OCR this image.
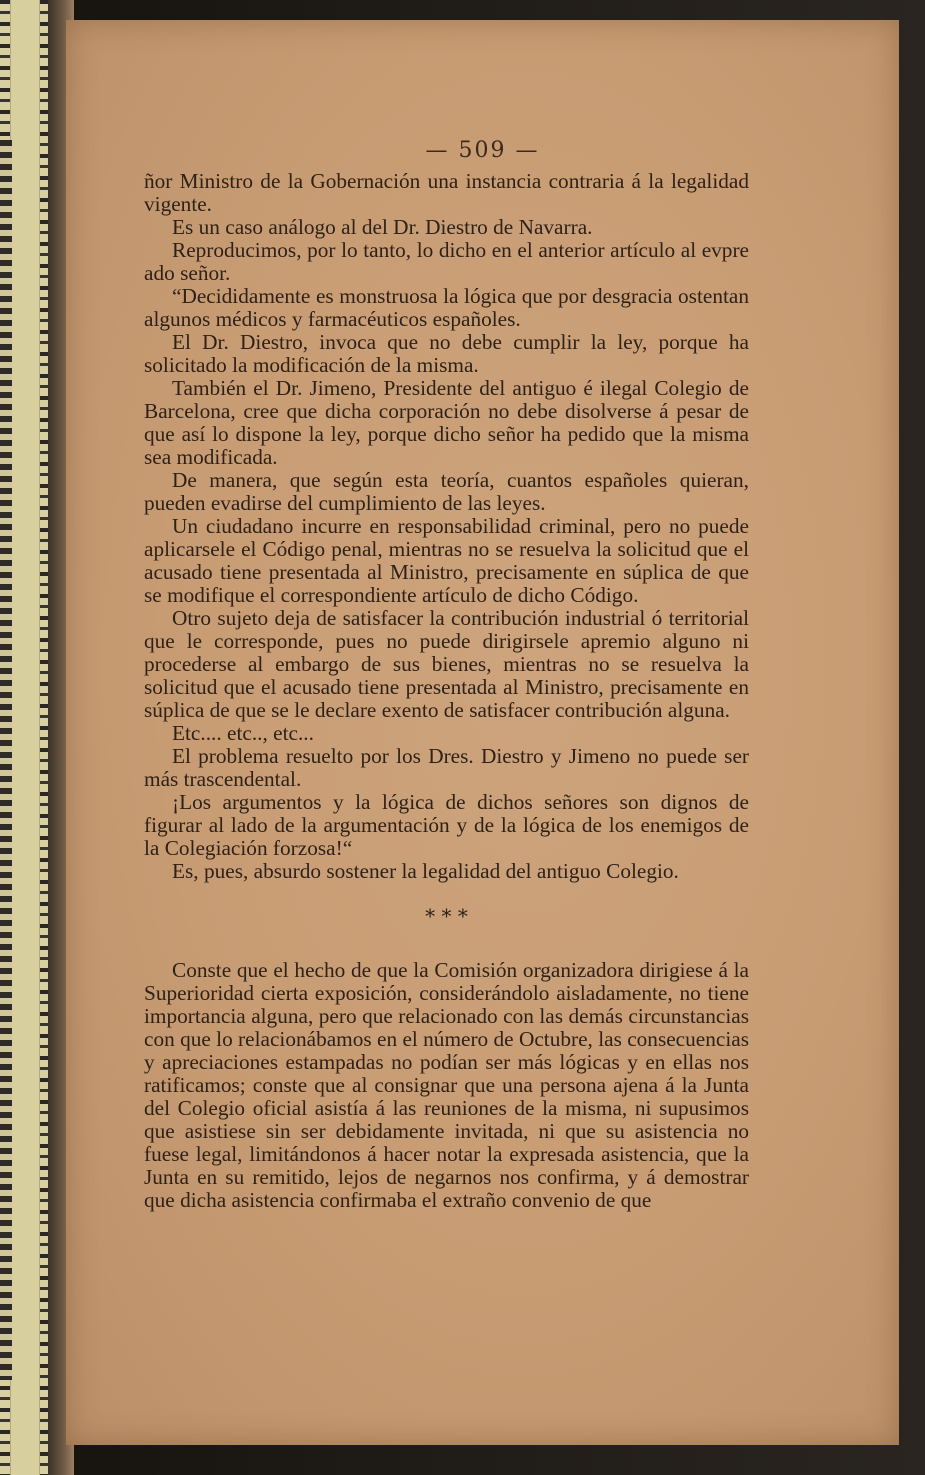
— 509 —

ñor Ministro de la Gobernación una instancia contraria á la legalidad vigente.

Es un caso análogo al del Dr. Diestro de Navarra.

Reproducimos, por lo tanto, lo dicho en el anterior artículo al evpre ado señor.

“Decididamente es monstruosa la lógica que por desgracia ostentan algunos médicos y farmacéuticos españoles.

El Dr. Diestro, invoca que no debe cumplir la ley, porque ha solicitado la modificación de la misma.

También el Dr. Jimeno, Presidente del antiguo é ilegal Colegio de Barcelona, cree que dicha corporación no debe disolverse á pesar de que así lo dispone la ley, porque dicho señor ha pedido que la misma sea modificada.

De manera, que según esta teoría, cuantos españoles quieran, pueden evadirse del cumplimiento de las leyes.

Un ciudadano incurre en responsabilidad criminal, pero no puede aplicarsele el Código penal, mientras no se resuelva la solicitud que el acusado tiene presentada al Ministro, precisamente en súplica de que se modifique el correspondiente artículo de dicho Código.

Otro sujeto deja de satisfacer la contribución industrial ó territorial que le corresponde, pues no puede dirigirsele apremio alguno ni procederse al embargo de sus bienes, mientras no se resuelva la solicitud que el acusado tiene presentada al Ministro, precisamente en súplica de que se le declare exento de satisfacer contribución alguna.

Etc.... etc.., etc...

El problema resuelto por los Dres. Diestro y Jimeno no puede ser más trascendental.

¡Los argumentos y la lógica de dichos señores son dignos de figurar al lado de la argumentación y de la lógica de los enemigos de la Colegiación forzosa!“

Es, pues, absurdo sostener la legalidad del antiguo Colegio.

* * *

Conste que el hecho de que la Comisión organizadora dirigiese á la Superioridad cierta exposición, considerándolo aisladamente, no tiene importancia alguna, pero que relacionado con las demás circunstancias con que lo relacionábamos en el número de Octubre, las consecuencias y apreciaciones estampadas no podían ser más lógicas y en ellas nos ratificamos; conste que al consignar que una persona ajena á la Junta del Colegio oficial asistía á las reuniones de la misma, ni supusimos que asistiese sin ser debidamente invitada, ni que su asistencia no fuese legal, limitándonos á hacer notar la expresada asistencia, que la Junta en su remitido, lejos de negarnos nos confirma, y á demostrar que dicha asistencia confirmaba el extraño convenio de que
